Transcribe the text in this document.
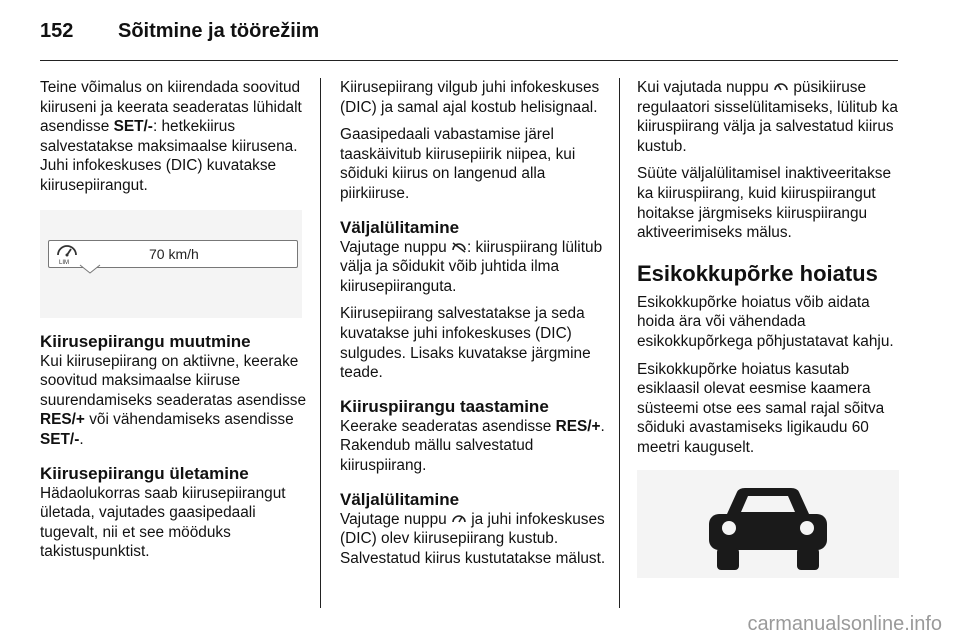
152 Sõitmine ja töörežiim

Teine võimalus on kiirendada soovitud kiiruseni ja keerata seaderatas lühidalt asendisse SET/-: hetkekiirus salvestatakse maksimaalse kiirusena. Juhi infokeskuses (DIC) kuvatakse kiirusepiirangut.

LIM
70 km/h
Kiirusepiirangu muutmine

Kui kiirusepiirang on aktiivne, keerake soovitud maksimaalse kiiruse suurendamiseks seaderatas asendisse RES/+ või vähendamiseks asendisse SET/-.

Kiirusepiirangu ületamine

Hädaolukorras saab kiirusepiirangut ületada, vajutades gaasipedaali tugevalt, nii et see mööduks takistuspunktist.

Kiirusepiirang vilgub juhi infokeskuses (DIC) ja samal ajal kostub helisignaal.

Gaasipedaali vabastamise järel taaskäivitub kiirusepiirik niipea, kui sõiduki kiirus on langenud alla piirkiiruse.

Väljalülitamine

Vajutage nuppu : kiiruspiirang lülitub välja ja sõidukit võib juhtida ilma kiirusepiiranguta.

Kiirusepiirang salvestatakse ja seda kuvatakse juhi infokeskuses (DIC) sulgudes. Lisaks kuvatakse järgmine teade.

Kiiruspiirangu taastamine

Keerake seaderatas asendisse RES/+. Rakendub mällu salvestatud kiiruspiirang.

Väljalülitamine

Vajutage nuppu  ja juhi infokeskuses (DIC) olev kiirusepiirang kustub. Salvestatud kiirus kustutatakse mälust.

Kui vajutada nuppu  püsikiiruse regulaatori sisselülitamiseks, lülitub ka kiiruspiirang välja ja salvestatud kiirus kustub.

Süüte väljalülitamisel inaktiveeritakse ka kiiruspiirang, kuid kiiruspiirangut hoitakse järgmiseks kiiruspiirangu aktiveerimiseks mälus.

Esikokkupõrke hoiatus

Esikokkupõrke hoiatus võib aidata hoida ära või vähendada esikokkupõrkega põhjustatavat kahju.

Esikokkupõrke hoiatus kasutab esiklaasil olevat eesmise kaamera süsteemi otse ees samal rajal sõitva sõiduki avastamiseks ligikaudu 60 meetri kauguselt.

carmanualsonline.info
